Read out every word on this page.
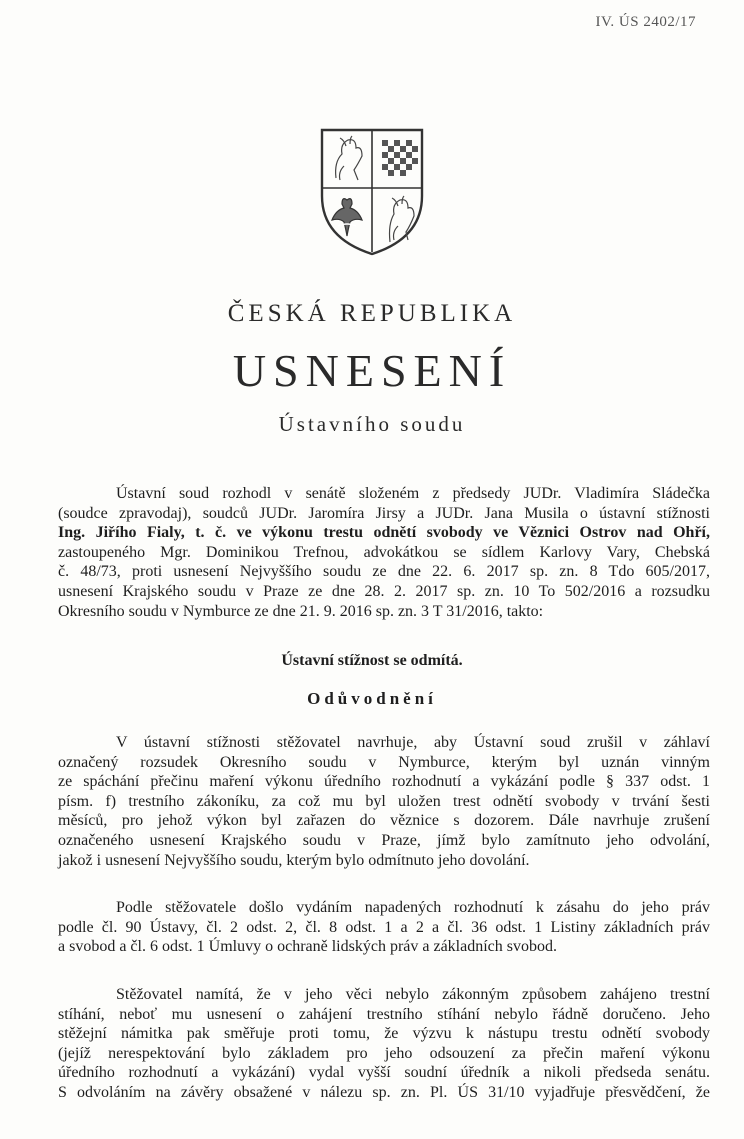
IV. ÚS 2402/17
ČESKÁ REPUBLIKA
USNESENÍ
Ústavního soudu

Ústavní soud rozhodl v senátě složeném z předsedy JUDr. Vladimíra Sládečka
(soudce zpravodaj), soudců JUDr. Jaromíra Jirsy a JUDr. Jana Musila o ústavní stížnosti
Ing. Jiřího Fialy, t. č. ve výkonu trestu odnětí svobody ve Věznici Ostrov nad Ohří,
zastoupeného Mgr. Dominikou Trefnou, advokátkou se sídlem Karlovy Vary, Chebská
č. 48/73, proti usnesení Nejvyššího soudu ze dne 22. 6. 2017 sp. zn. 8 Tdo 605/2017,
usnesení Krajského soudu v Praze ze dne 28. 2. 2017 sp. zn. 10 To 502/2016 a rozsudku
Okresního soudu v Nymburce ze dne 21. 9. 2016 sp. zn. 3 T 31/2016, takto:

Ústavní stížnost se odmítá.
Odůvodnění

V ústavní stížnosti stěžovatel navrhuje, aby Ústavní soud zrušil v záhlaví
označený rozsudek Okresního soudu v Nymburce, kterým byl uznán vinným
ze spáchání přečinu maření výkonu úředního rozhodnutí a vykázání podle § 337 odst. 1
písm. f) trestního zákoníku, za což mu byl uložen trest odnětí svobody v trvání šesti
měsíců, pro jehož výkon byl zařazen do věznice s dozorem. Dále navrhuje zrušení
označeného usnesení Krajského soudu v Praze, jímž bylo zamítnuto jeho odvolání,
jakož i usnesení Nejvyššího soudu, kterým bylo odmítnuto jeho dovolání.

Podle stěžovatele došlo vydáním napadených rozhodnutí k zásahu do jeho práv
podle čl. 90 Ústavy, čl. 2 odst. 2, čl. 8 odst. 1 a 2 a čl. 36 odst. 1 Listiny základních práv
a svobod a čl. 6 odst. 1 Úmluvy o ochraně lidských práv a základních svobod.

Stěžovatel namítá, že v jeho věci nebylo zákonným způsobem zahájeno trestní
stíhání, neboť mu usnesení o zahájení trestního stíhání nebylo řádně doručeno. Jeho
stěžejní námitka pak směřuje proti tomu, že výzvu k nástupu trestu odnětí svobody
(jejíž nerespektování bylo základem pro jeho odsouzení za přečin maření výkonu
úředního rozhodnutí a vykázání) vydal vyšší soudní úředník a nikoli předseda senátu.
S odvoláním na závěry obsažené v nálezu sp. zn. Pl. ÚS 31/10 vyjadřuje přesvědčení, že
